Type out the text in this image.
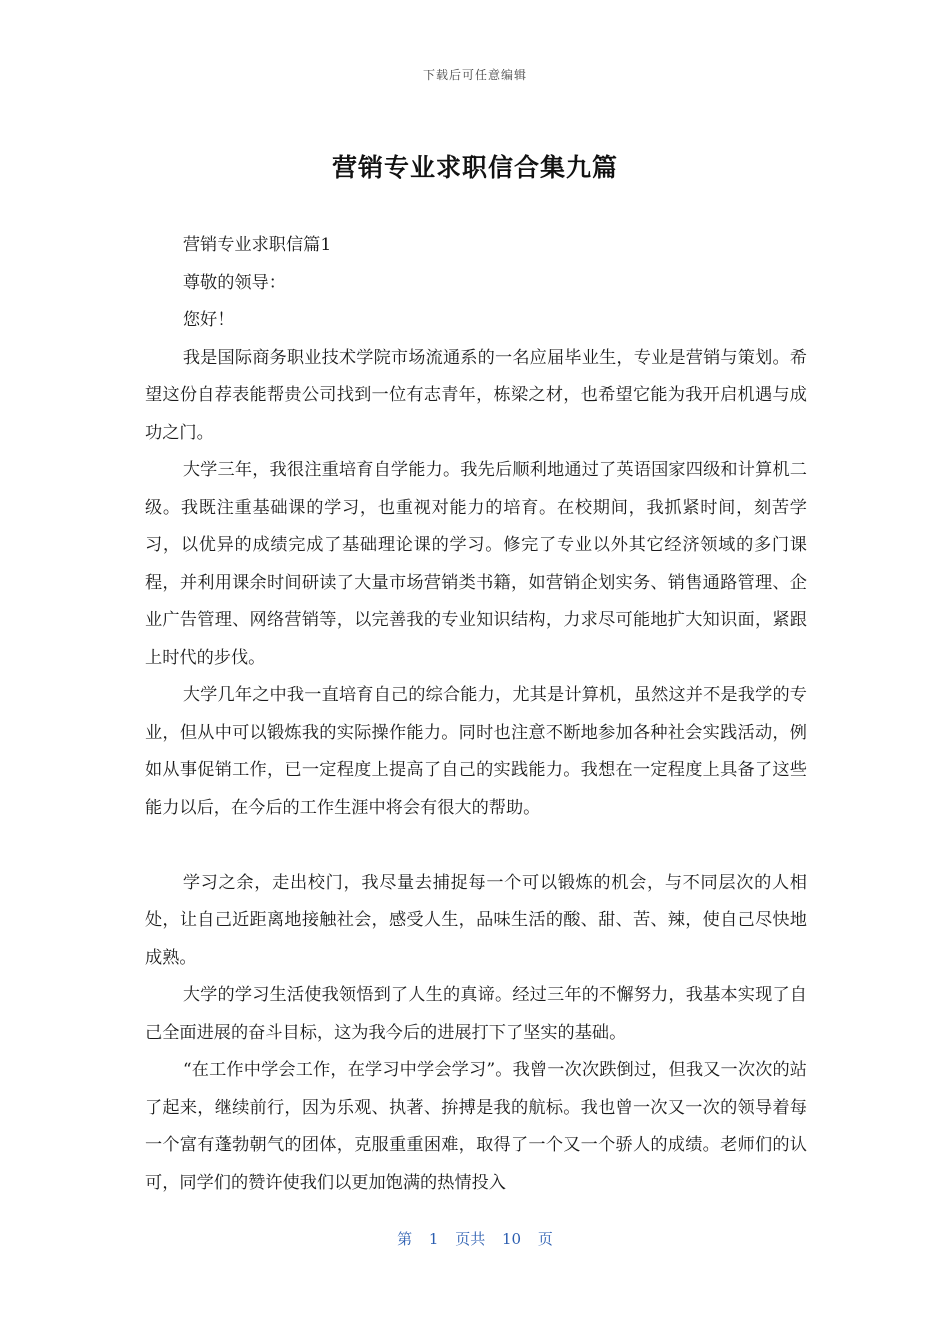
下载后可任意编辑
营销专业求职信合集九篇

营销专业求职信篇1

尊敬的领导：

您好！

我是国际商务职业技术学院市场流通系的一名应届毕业生，专业是营销与策划。希望这份自荐表能帮贵公司找到一位有志青年，栋梁之材，也希望它能为我开启机遇与成功之门。

大学三年，我很注重培育自学能力。我先后顺利地通过了英语国家四级和计算机二级。我既注重基础课的学习，也重视对能力的培育。在校期间，我抓紧时间，刻苦学习，以优异的成绩完成了基础理论课的学习。修完了专业以外其它经济领域的多门课程，并利用课余时间研读了大量市场营销类书籍，如营销企划实务、销售通路管理、企业广告管理、网络营销等，以完善我的专业知识结构，力求尽可能地扩大知识面，紧跟上时代的步伐。

大学几年之中我一直培育自己的综合能力，尤其是计算机，虽然这并不是我学的专业，但从中可以锻炼我的实际操作能力。同时也注意不断地参加各种社会实践活动，例如从事促销工作，已一定程度上提高了自己的实践能力。我想在一定程度上具备了这些能力以后，在今后的工作生涯中将会有很大的帮助。

学习之余，走出校门，我尽量去捕捉每一个可以锻炼的机会，与不同层次的人相处，让自己近距离地接触社会，感受人生，品味生活的酸、甜、苦、辣，使自己尽快地成熟。

大学的学习生活使我领悟到了人生的真谛。经过三年的不懈努力，我基本实现了自己全面进展的奋斗目标，这为我今后的进展打下了坚实的基础。

“在工作中学会工作，在学习中学会学习”。我曾一次次跌倒过，但我又一次次的站了起来，继续前行，因为乐观、执著、拚搏是我的航标。我也曾一次又一次的领导着每一个富有蓬勃朝气的团体，克服重重困难，取得了一个又一个骄人的成绩。老师们的认可，同学们的赞许使我们以更加饱满的热情投入

第 1 页共 10 页
